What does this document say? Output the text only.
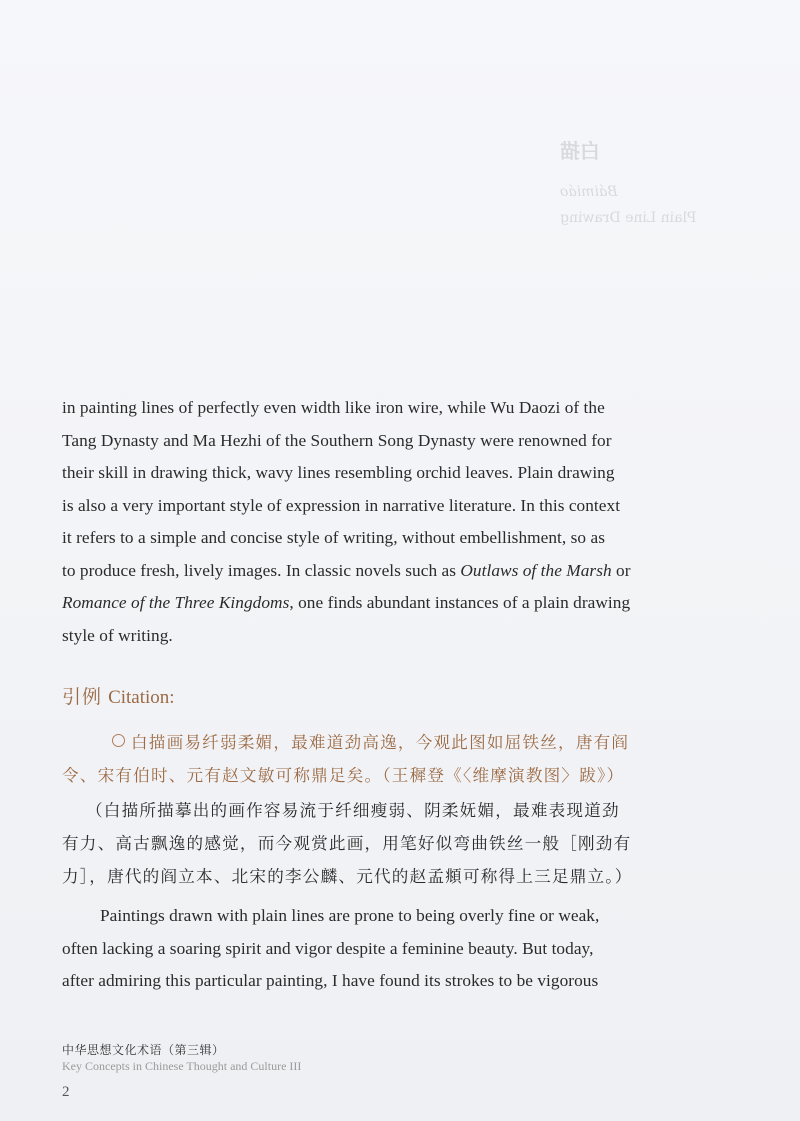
白描
Báimiáo
Plain Line Drawing
in painting lines of perfectly even width like iron wire, while Wu Daozi of the
Tang Dynasty and Ma Hezhi of the Southern Song Dynasty were renowned for
their skill in drawing thick, wavy lines resembling orchid leaves. Plain drawing
is also a very important style of expression in narrative literature. In this context
it refers to a simple and concise style of writing, without embellishment, so as
to produce fresh, lively images. In classic novels such as Outlaws of the Marsh or
Romance of the Three Kingdoms, one finds abundant instances of a plain drawing
style of writing.
引例 Citation:
白描画易纤弱柔媚，最难道劲高逸，今观此图如屈铁丝，唐有阎
令、宋有伯时、元有赵文敏可称鼎足矣。（王穉登《〈维摩演教图〉跋》）
（白描所描摹出的画作容易流于纤细瘦弱、阴柔妩媚，最难表现道劲
有力、高古飘逸的感觉，而今观赏此画，用笔好似弯曲铁丝一般［刚劲有
力］，唐代的阎立本、北宋的李公麟、元代的赵孟頫可称得上三足鼎立。）
Paintings drawn with plain lines are prone to being overly fine or weak,
often lacking a soaring spirit and vigor despite a feminine beauty. But today,
after admiring this particular painting, I have found its strokes to be vigorous
中华思想文化术语（第三辑）
Key Concepts in Chinese Thought and Culture III
2
